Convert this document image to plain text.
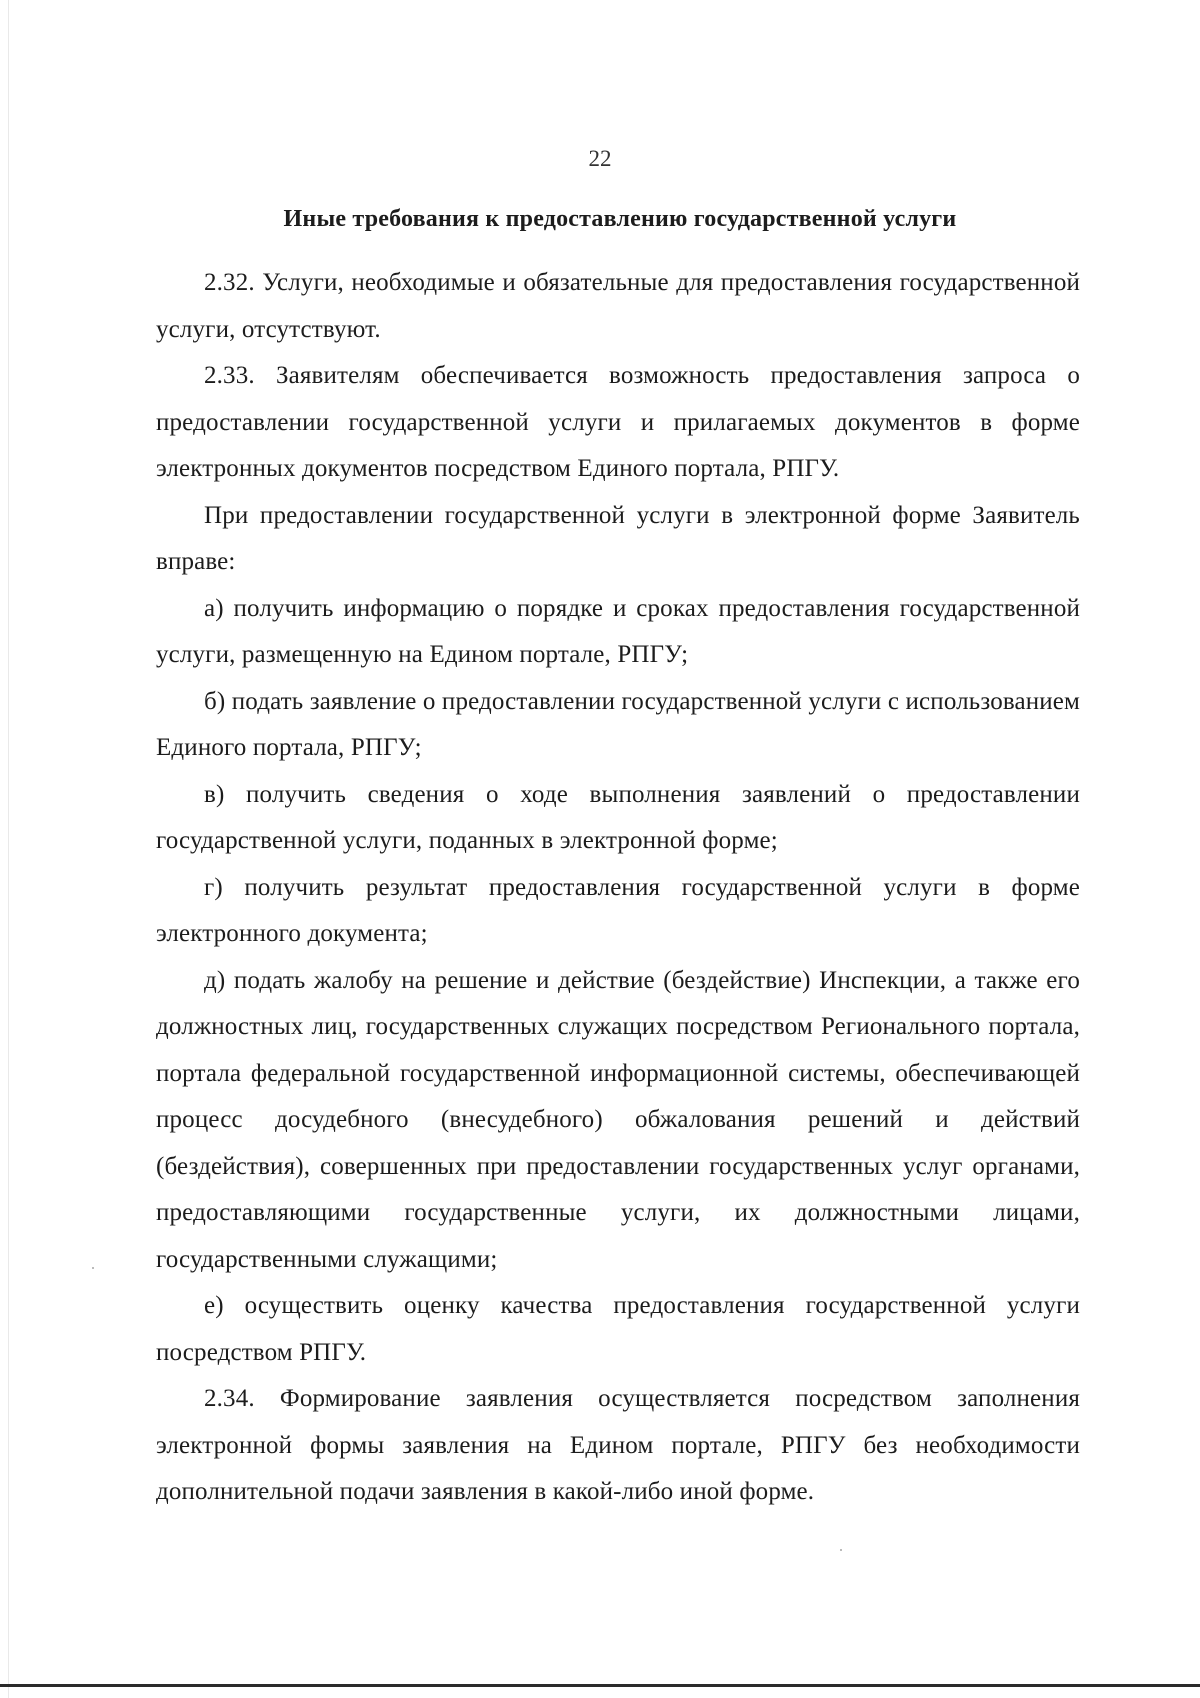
22
Иные требования к предоставлению государственной услуги

2.32. Услуги, необходимые и обязательные для предоставления государственной услуги, отсутствуют.

2.33. Заявителям обеспечивается возможность предоставления запроса о предоставлении государственной услуги и прилагаемых документов в форме электронных документов посредством Единого портала, РПГУ.

При предоставлении государственной услуги в электронной форме Заявитель вправе:

а) получить информацию о порядке и сроках предоставления государственной услуги, размещенную на Едином портале, РПГУ;

б) подать заявление о предоставлении государственной услуги с использованием Единого портала, РПГУ;

в) получить сведения о ходе выполнения заявлений о предоставлении государственной услуги, поданных в электронной форме;

г) получить результат предоставления государственной услуги в форме электронного документа;

д) подать жалобу на решение и действие (бездействие) Инспекции, а также его должностных лиц, государственных служащих посредством Регионального портала, портала федеральной государственной информационной системы, обеспечивающей процесс досудебного (внесудебного) обжалования решений и действий (бездействия), совершенных при предоставлении государственных услуг органами, предоставляющими государственные услуги, их должностными лицами, государственными служащими;

е) осуществить оценку качества предоставления государственной услуги посредством РПГУ.

2.34. Формирование заявления осуществляется посредством заполнения электронной формы заявления на Едином портале, РПГУ без необходимости дополнительной подачи заявления в какой-либо иной форме.
